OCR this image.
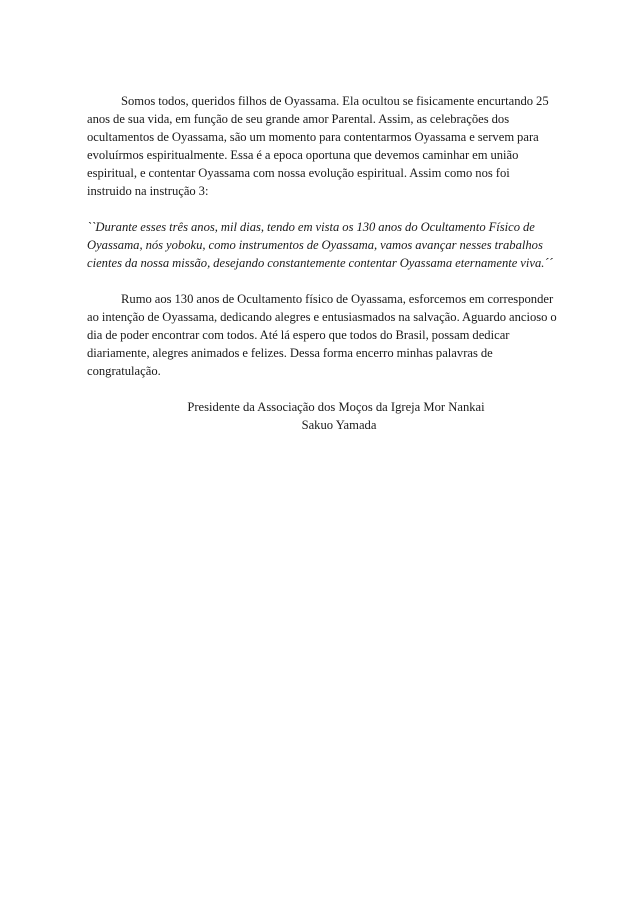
Somos todos, queridos filhos de Oyassama. Ela ocultou se fisicamente encurtando 25 anos de sua vida, em função de seu grande amor Parental. Assim, as celebrações dos ocultamentos de Oyassama, são um momento para contentarmos Oyassama e servem para evoluírmos espiritualmente. Essa é a epoca oportuna que devemos caminhar em união espiritual, e contentar Oyassama com nossa evolução espiritual. Assim como nos foi instruido na instrução 3:

``Durante esses três anos, mil dias, tendo em vista os 130 anos do Ocultamento Físico de Oyassama, nós yoboku, como instrumentos de Oyassama, vamos avançar nesses trabalhos cientes da nossa missão, desejando constantemente contentar Oyassama eternamente viva.´´

Rumo aos 130 anos de Ocultamento físico de Oyassama, esforcemos em corresponder ao intenção de Oyassama, dedicando alegres e entusiasmados na salvação. Aguardo ancioso o dia de poder encontrar com todos. Até lá espero que todos do Brasil, possam dedicar diariamente, alegres animados e felizes. Dessa forma encerro minhas palavras de congratulação.

Presidente da Associação dos Moços da Igreja Mor Nankai
Sakuo Yamada
